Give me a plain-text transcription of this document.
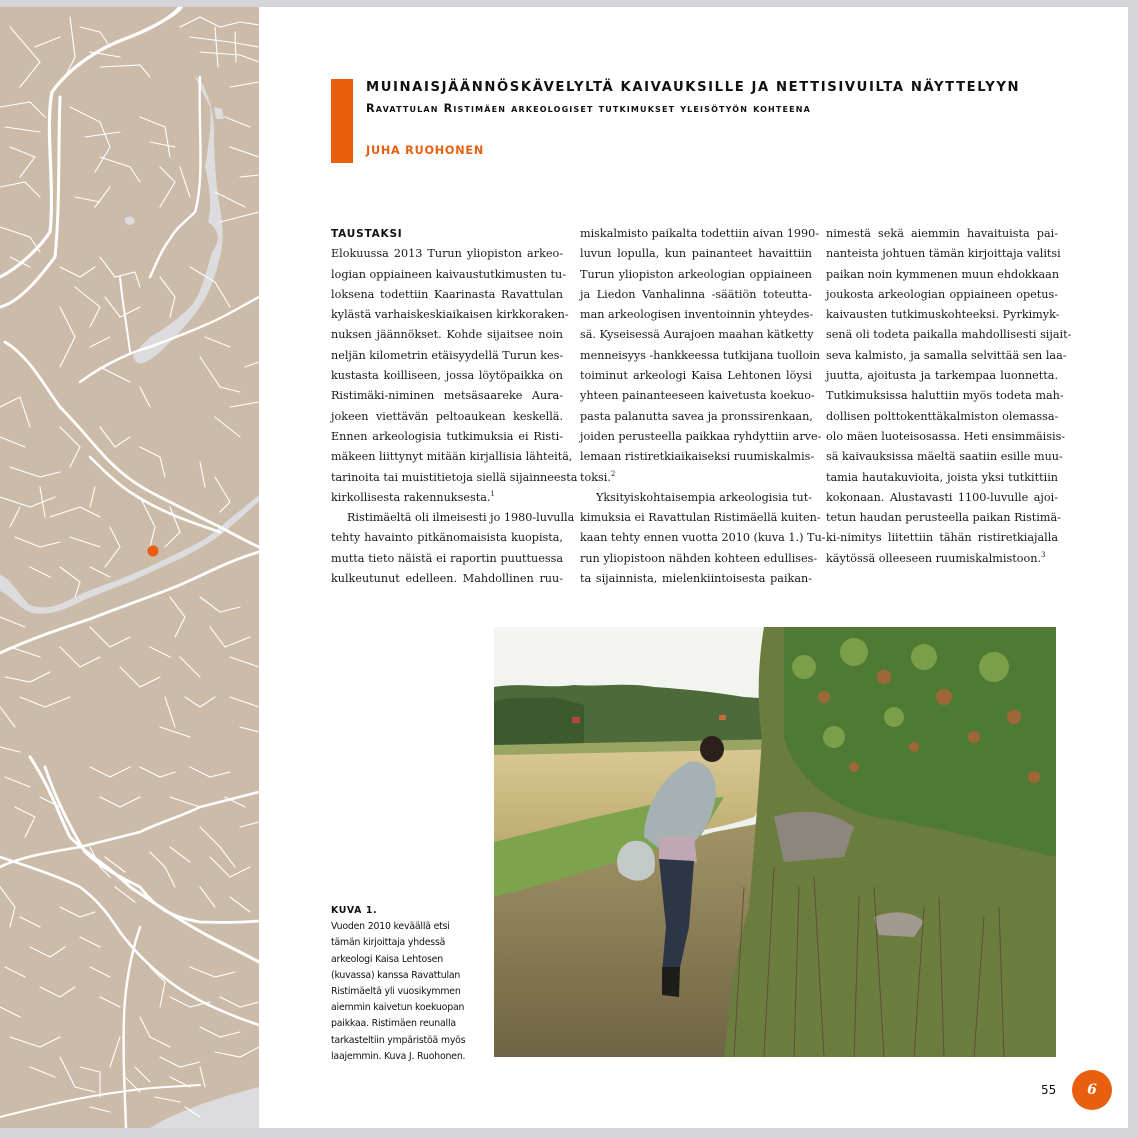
MUINAISJÄÄNNÖSKÄVELYLTÄ KAIVAUKSILLE JA NETTISIVUILTA NÄYTTELYYN
Ravattulan Ristimäen arkeologiset tutkimukset yleisötyön kohteena
JUHA RUOHONEN
TAUSTAKSI
Elokuussa 2013 Turun yliopiston arkeo-
logian oppiaineen kaivaustutkimusten tu-
loksena todettiin Kaarinasta Ravattulan
kylästä varhaiskeskiaikaisen kirkkoraken-
nuksen jäännökset. Kohde sijaitsee noin
neljän kilometrin etäisyydellä Turun kes-
kustasta koilliseen, jossa löytöpaikka on
Ristimäki-niminen metsäsaareke Aura-
jokeen viettävän peltoaukean keskellä.
Ennen arkeologisia tutkimuksia ei Risti-
mäkeen liittynyt mitään kirjallisia lähteitä,
tarinoita tai muistitietoja siellä sijainneesta
kirkollisesta rakennuksesta.$^1$
Ristimäeltä oli ilmeisesti jo 1980-luvulla
tehty havainto pitkänomaisista kuopista,
mutta tieto näistä ei raportin puuttuessa
kulkeutunut edelleen. Mahdollinen ruu-
miskalmisto paikalta todettiin aivan 1990-
luvun lopulla, kun painanteet havaittiin
Turun yliopiston arkeologian oppiaineen
ja Liedon Vanhalinna -säätiön toteutta-
man arkeologisen inventoinnin yhteydes-
sä. Kyseisessä Aurajoen maahan kätketty
menneisyys -hankkeessa tutkijana tuolloin
toiminut arkeologi Kaisa Lehtonen löysi
yhteen painanteeseen kaivetusta koekuo-
pasta palanutta savea ja pronssirenkaan,
joiden perusteella paikkaa ryhdyttiin arve-
lemaan ristiretkiaikaiseksi ruumiskalmis-
toksi.$^2$
Yksityiskohtaisempia arkeologisia tut-
kimuksia ei Ravattulan Ristimäellä kuiten-
kaan tehty ennen vuotta 2010 (kuva 1.) Tu-
run yliopistoon nähden kohteen edullises-
ta sijainnista, mielenkiintoisesta paikan-
nimestä sekä aiemmin havaituista pai-
nanteista johtuen tämän kirjoittaja valitsi
paikan noin kymmenen muun ehdokkaan
joukosta arkeologian oppiaineen opetus-
kaivausten tutkimuskohteeksi. Pyrkimyk-
senä oli todeta paikalla mahdollisesti sijait-
seva kalmisto, ja samalla selvittää sen laa-
juutta, ajoitusta ja tarkempaa luonnetta.
Tutkimuksissa haluttiin myös todeta mah-
dollisen polttokenttäkalmiston olemassa-
olo mäen luoteisosassa. Heti ensimmäisis-
sä kaivauksissa mäeltä saatiin esille muu-
tamia hautakuvioita, joista yksi tutkittiin
kokonaan. Alustavasti 1100-luvulle ajoi-
tetun haudan perusteella paikan Ristimä-
ki-nimitys liitettiin tähän ristiretkiajalla
käytössä olleeseen ruumiskalmistoon.$^3$
KUVA 1.
Vuoden 2010 keväällä etsi
tämän kirjoittaja yhdessä
arkeologi Kaisa Lehtosen
(kuvassa) kanssa Ravattulan
Ristimäeltä yli vuosikymmen
aiemmin kaivetun koekuopan
paikkaa. Ristimäen reunalla
tarkasteltiin ympäristöä myös
laajemmin. Kuva J. Ruohonen.
55	6
